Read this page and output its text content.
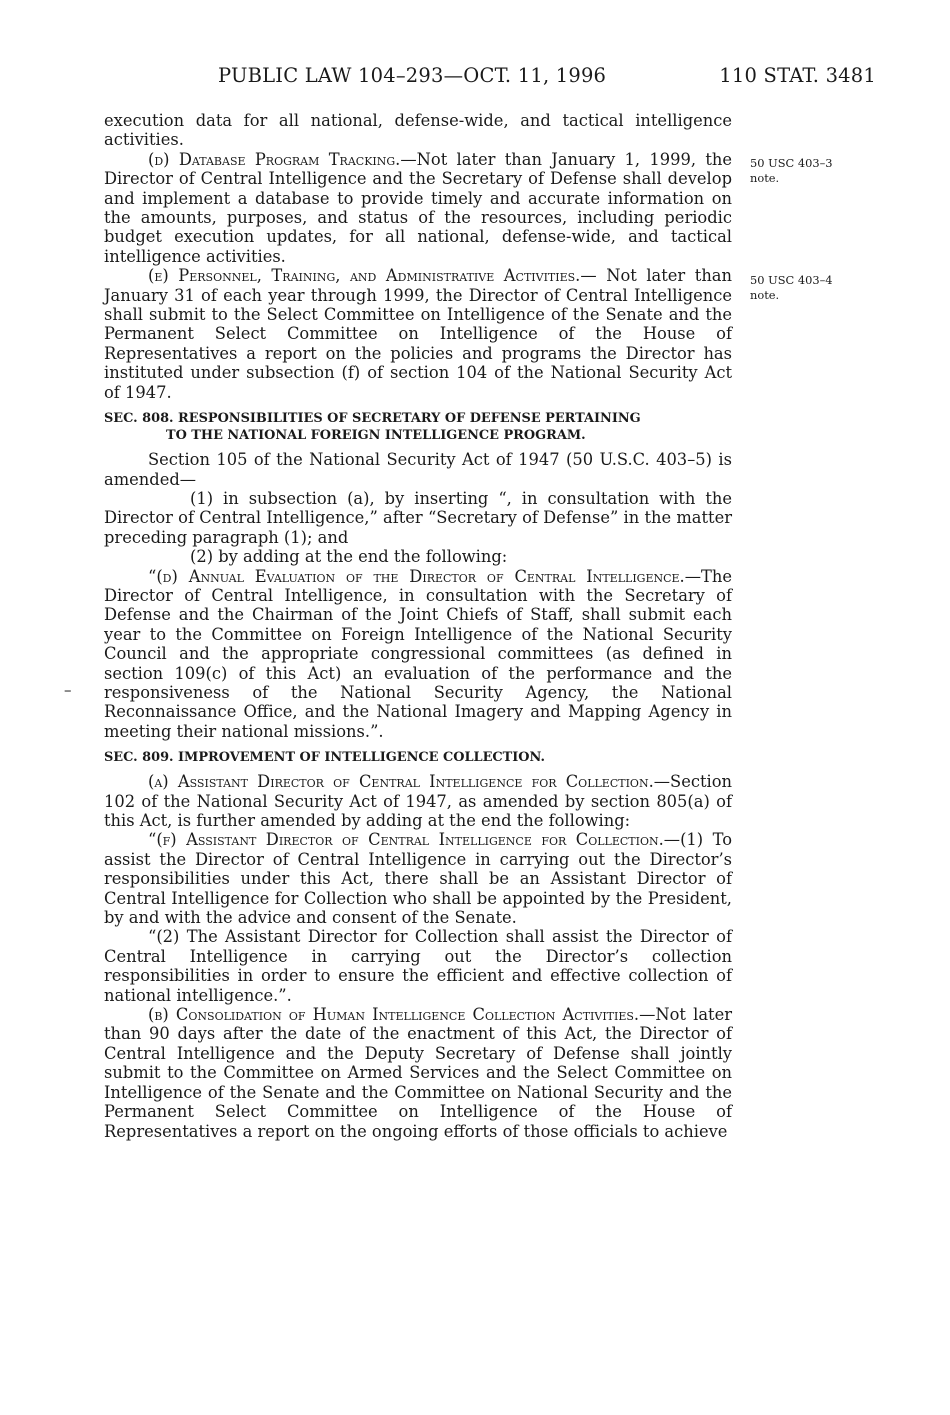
PUBLIC LAW 104–293—OCT. 11, 1996	110 STAT. 3481
50 USC 403–3
note.
50 USC 403–4
note.
–

execution data for all national, defense-wide, and tactical intelligence activities.

(d) Database Program Tracking.—Not later than January 1, 1999, the Director of Central Intelligence and the Secretary of Defense shall develop and implement a database to provide timely and accurate information on the amounts, purposes, and status of the resources, including periodic budget execution updates, for all national, defense-wide, and tactical intelligence activities.

(e) Personnel, Training, and Administrative Activities.— Not later than January 31 of each year through 1999, the Director of Central Intelligence shall submit to the Select Committee on Intelligence of the Senate and the Permanent Select Committee on Intelligence of the House of Representatives a report on the policies and programs the Director has instituted under subsection (f) of section 104 of the National Security Act of 1947.

SEC. 808. RESPONSIBILITIES OF SECRETARY OF DEFENSE PERTAINING
TO THE NATIONAL FOREIGN INTELLIGENCE PROGRAM.

Section 105 of the National Security Act of 1947 (50 U.S.C. 403–5) is amended—

(1) in subsection (a), by inserting “, in consultation with the Director of Central Intelligence,” after “Secretary of Defense” in the matter preceding paragraph (1); and

(2) by adding at the end the following:

“(d) Annual Evaluation of the Director of Central Intelligence.—The Director of Central Intelligence, in consultation with the Secretary of Defense and the Chairman of the Joint Chiefs of Staff, shall submit each year to the Committee on Foreign Intelligence of the National Security Council and the appropriate congressional committees (as defined in section 109(c) of this Act) an evaluation of the performance and the responsiveness of the National Security Agency, the National Reconnaissance Office, and the National Imagery and Mapping Agency in meeting their national missions.”.

SEC. 809. IMPROVEMENT OF INTELLIGENCE COLLECTION.

(a) Assistant Director of Central Intelligence for Collection.—Section 102 of the National Security Act of 1947, as amended by section 805(a) of this Act, is further amended by adding at the end the following:

“(f) Assistant Director of Central Intelligence for Collection.—(1) To assist the Director of Central Intelligence in carrying out the Director’s responsibilities under this Act, there shall be an Assistant Director of Central Intelligence for Collection who shall be appointed by the President, by and with the advice and consent of the Senate.

“(2) The Assistant Director for Collection shall assist the Director of Central Intelligence in carrying out the Director’s collection responsibilities in order to ensure the efficient and effective collection of national intelligence.”.

(b) Consolidation of Human Intelligence Collection Activities.—Not later than 90 days after the date of the enactment of this Act, the Director of Central Intelligence and the Deputy Secretary of Defense shall jointly submit to the Committee on Armed Services and the Select Committee on Intelligence of the Senate and the Committee on National Security and the Permanent Select Committee on Intelligence of the House of Representatives a report on the ongoing efforts of those officials to achieve
